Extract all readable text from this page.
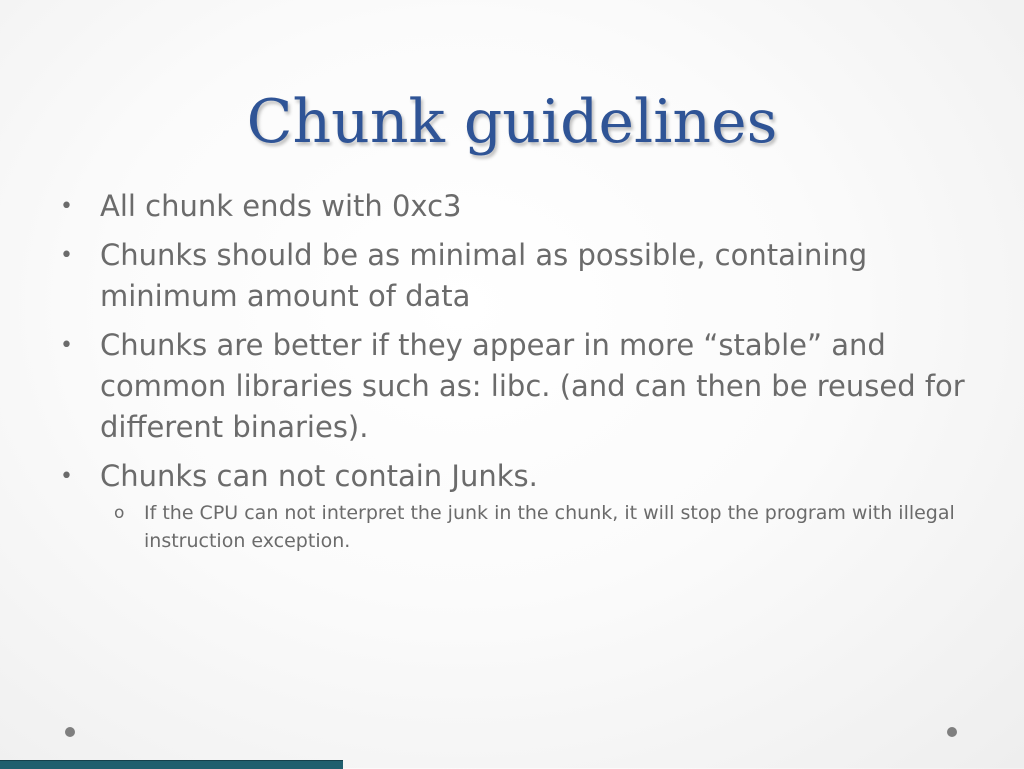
Chunk guidelines
• All chunk ends with 0xc3
• Chunks should be as minimal as possible, containing minimum amount of data
• Chunks are better if they appear in more “stable” and common libraries such as: libc. (and can then be reused for different binaries).
• Chunks can not contain Junks.
o If the CPU can not interpret the junk in the chunk, it will stop the program with illegal instruction exception.
